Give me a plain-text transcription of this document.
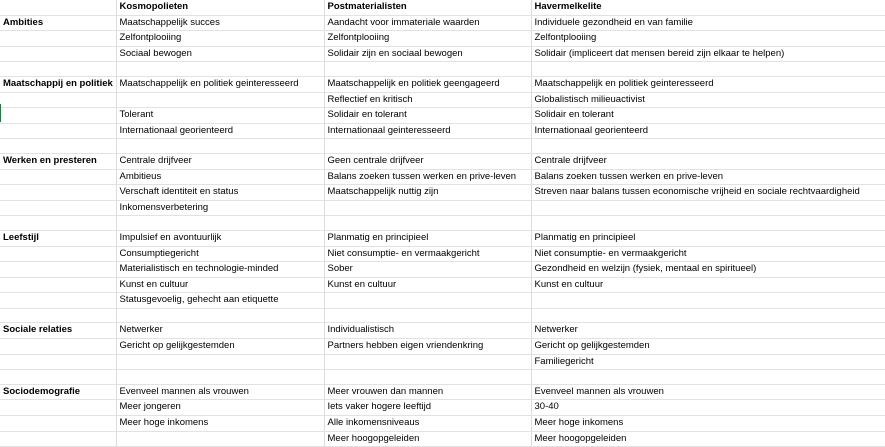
	Kosmopolieten	Postmaterialisten	Havermelkelite
Ambities	Maatschappelijk succes	Aandacht voor immateriale waarden	Individuele gezondheid en van familie
	Zelfontplooiing	Zelfontplooiing	Zelfontplooiing
	Sociaal bewogen	Solidair zijn en sociaal bewogen	Solidair (impliceert dat mensen bereid zijn elkaar te helpen)

Maatschappij en politiek	Maatschappelijk en politiek geinteresseerd	Maatschappelijk en politiek geengageerd	Maatschappelijk en politiek geinteresseerd
		Reflectief en kritisch	Globalistisch milieuactivist
	Tolerant	Solidair en tolerant	Solidair en tolerant
	Internationaal georienteerd	Internationaal geinteresseerd	Internationaal georienteerd

Werken en presteren	Centrale drijfveer	Geen centrale drijfveer	Centrale drijfveer
	Ambitieus	Balans zoeken tussen werken en prive-leven	Balans zoeken tussen werken en prive-leven
	Verschaft identiteit en status	Maatschappelijk nuttig zijn	Streven naar balans tussen economische vrijheid en sociale rechtvaardigheid
	Inkomensverbetering		

Leefstijl	Impulsief en avontuurlijk	Planmatig en principieel	Planmatig en principieel
	Consumptiegericht	Niet consumptie- en vermaakgericht	Niet consumptie- en vermaakgericht
	Materialistisch en technologie-minded	Sober	Gezondheid en welzijn (fysiek, mentaal en spiritueel)
	Kunst en cultuur	Kunst en cultuur	Kunst en cultuur
	Statusgevoelig, gehecht aan etiquette		

Sociale relaties	Netwerker	Individualistisch	Netwerker
	Gericht op gelijkgestemden	Partners hebben eigen vriendenkring	Gericht op gelijkgestemden
			Familiegericht

Sociodemografie	Evenveel mannen als vrouwen	Meer vrouwen dan mannen	Evenveel mannen als vrouwen
	Meer jongeren	Iets vaker hogere leeftijd	30-40
	Meer hoge inkomens	Alle inkomensniveaus	Meer hoge inkomens
		Meer hoogopgeleiden	Meer hoogopgeleiden
